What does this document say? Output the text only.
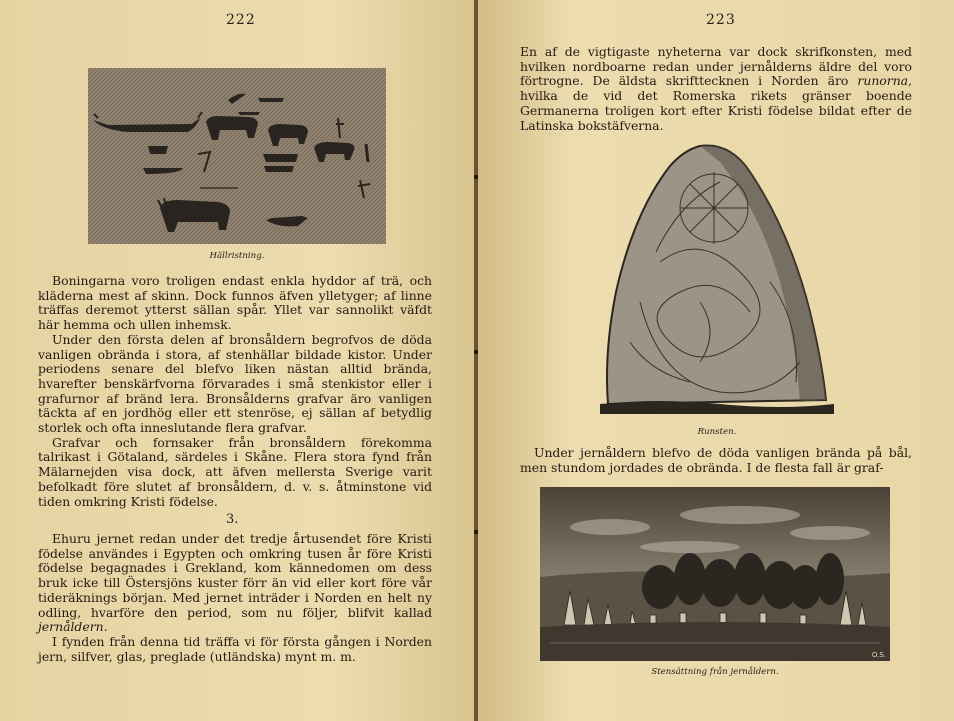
222
Hällristning.

Boningarna voro troligen endast enkla hyddor af trä, och kläderna mest af skinn. Dock funnos äfven ylletyger; af linne träffas deremot ytterst sällan spår. Yllet var sannolikt väfdt här hemma och ullen inhemsk.

Under den första delen af bronsåldern begrofvos de döda vanligen obrända i stora, af stenhällar bildade kistor. Under periodens senare del blefvo liken nästan alltid brända, hvarefter benskärfvorna förvarades i små stenkistor eller i grafurnor af bränd lera. Bronsålderns grafvar äro vanligen täckta af en jordhög eller ett stenröse, ej sällan af betydlig storlek och ofta inneslutande flera grafvar.

Grafvar och fornsaker från bronsåldern förekomma talrikast i Götaland, särdeles i Skåne. Flera stora fynd från Mälarnejden visa dock, att äfven mellersta Sverige varit befolkadt före slutet af bronsåldern, d. v. s. åtminstone vid tiden omkring Kristi födelse.

3.

Ehuru jernet redan under det tredje årtusendet före Kristi födelse användes i Egypten och omkring tusen år före Kristi födelse begagnades i Grekland, kom kännedomen om dess bruk icke till Östersjöns kuster förr än vid eller kort före vår tideräknings början. Med jernet inträder i Norden en helt ny odling, hvarföre den period, som nu följer, blifvit kallad jernåldern.

I fynden från denna tid träffa vi för första gången i Norden jern, silfver, glas, preglade (utländska) mynt m. m.

223

En af de vigtigaste nyheterna var dock skrifkonsten, med hvilken nordboarne redan under jernålderns äldre del voro förtrogne. De äldsta skrifttecknen i Norden äro runorna, hvilka de vid det Romerska rikets gränser boende Germanerna troligen kort efter Kristi födelse bildat efter de Latinska bokstäfverna.

Runsten.

Under jernåldern blefvo de döda vanligen brända på bål, men stundom jordades de obrända. I de flesta fall är graf-

O.S.
Stensättning från jernåldern.
